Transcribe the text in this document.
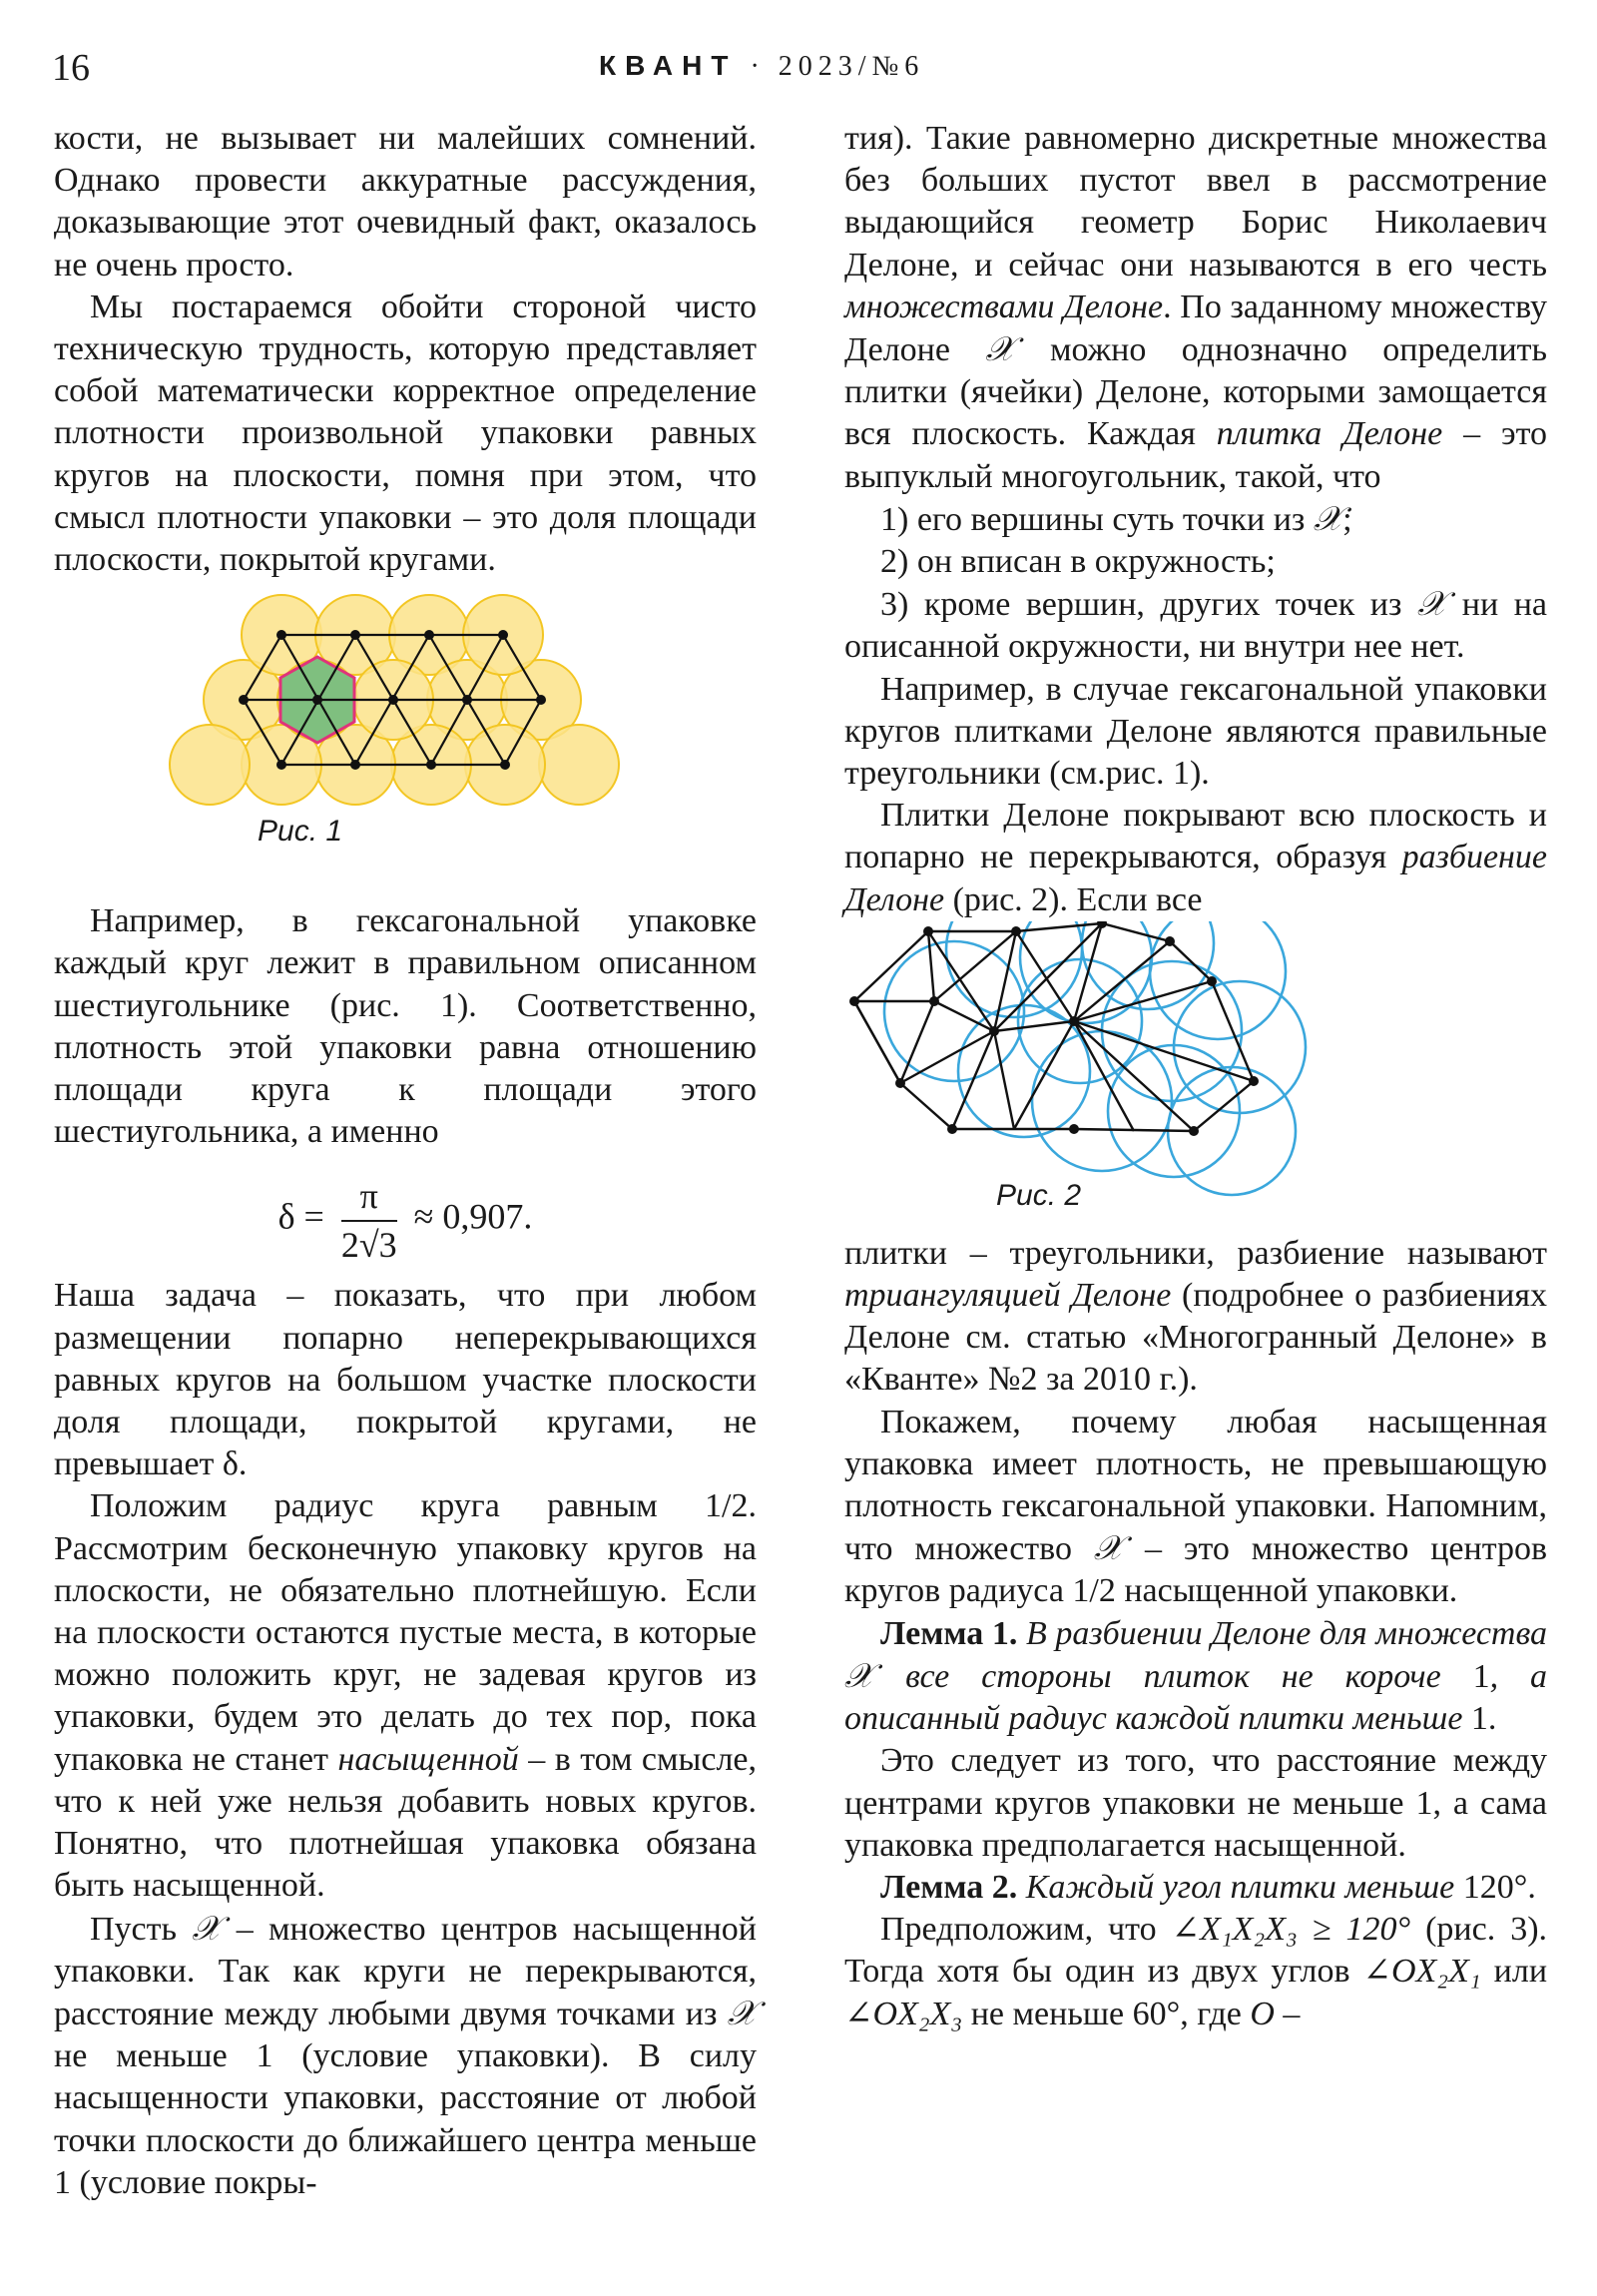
16	КВАНТ · 2023/№6

кости, не вызывает ни малейших сомнений. Однако провести аккуратные рассуждения, доказывающие этот очевидный факт, оказалось не очень просто.

Мы постараемся обойти стороной чисто техническую трудность, которую представляет собой математически корректное определение плотности произвольной упаковки равных кругов на плоскости, помня при этом, что смысл плотности упаковки – это доля площади плоскости, покрытой кругами.

Рис. 1

Например, в гексагональной упаковке каждый круг лежит в правильном описанном шестиугольнике (рис. 1). Соответственно, плотность этой упаковки равна отношению площади круга к площади этого шестиугольника, а именно

$\delta = \frac{\pi}{2√3} \approx 0,907$.

Наша задача – показать, что при любом размещении попарно неперекрывающихся равных кругов на большом участке плоскости доля площади, покрытой кругами, не превышает δ.

Положим радиус круга равным 1/2. Рассмотрим бесконечную упаковку кругов на плоскости, не обязательно плотнейшую. Если на плоскости остаются пустые места, в которые можно положить круг, не задевая кругов из упаковки, будем это делать до тех пор, пока упаковка не станет насыщенной – в том смысле, что к ней уже нельзя добавить новых кругов. Понятно, что плотнейшая упаковка обязана быть насыщенной.

Пусть 𝒳 – множество центров насыщенной упаковки. Так как круги не перекрываются, расстояние между любыми двумя точками из 𝒳 не меньше 1 (условие упаковки). В силу насыщенности упаковки, расстояние от любой точки плоскости до ближайшего центра меньше 1 (условие покры-

тия). Такие равномерно дискретные множества без больших пустот ввел в рассмотрение выдающийся геометр Борис Николаевич Делоне, и сейчас они называются в его честь множествами Делоне. По заданному множеству Делоне 𝒳 можно однозначно определить плитки (ячейки) Делоне, которыми замощается вся плоскость. Каждая плитка Делоне – это выпуклый многоугольник, такой, что

1) его вершины суть точки из 𝒳;

2) он вписан в окружность;

3) кроме вершин, других точек из 𝒳 ни на описанной окружности, ни внутри нее нет.

Например, в случае гексагональной упаковки кругов плитками Делоне являются правильные треугольники (см.рис. 1).

Плитки Делоне покрывают всю плоскость и попарно не перекрываются, образуя разбиение Делоне (рис. 2). Если все

Рис. 2

плитки – треугольники, разбиение называют триангуляцией Делоне (подробнее о разбиениях Делоне см. статью «Многогранный Делоне» в «Кванте» №2 за 2010 г.).

Покажем, почему любая насыщенная упаковка имеет плотность, не превышающую плотность гексагональной упаковки. Напомним, что множество 𝒳 – это множество центров кругов радиуса 1/2 насыщенной упаковки.

Лемма 1. В разбиении Делоне для множества 𝒳 все стороны плиток не короче 1, а описанный радиус каждой плитки меньше 1.

Это следует из того, что расстояние между центрами кругов упаковки не меньше 1, а сама упаковка предполагается насыщенной.

Лемма 2. Каждый угол плитки меньше 120°.

Предположим, что ∠X₁X₂X₃ ≥ 120° (рис. 3). Тогда хотя бы один из двух углов ∠OX₂X₁ или ∠OX₂X₃ не меньше 60°, где O –
